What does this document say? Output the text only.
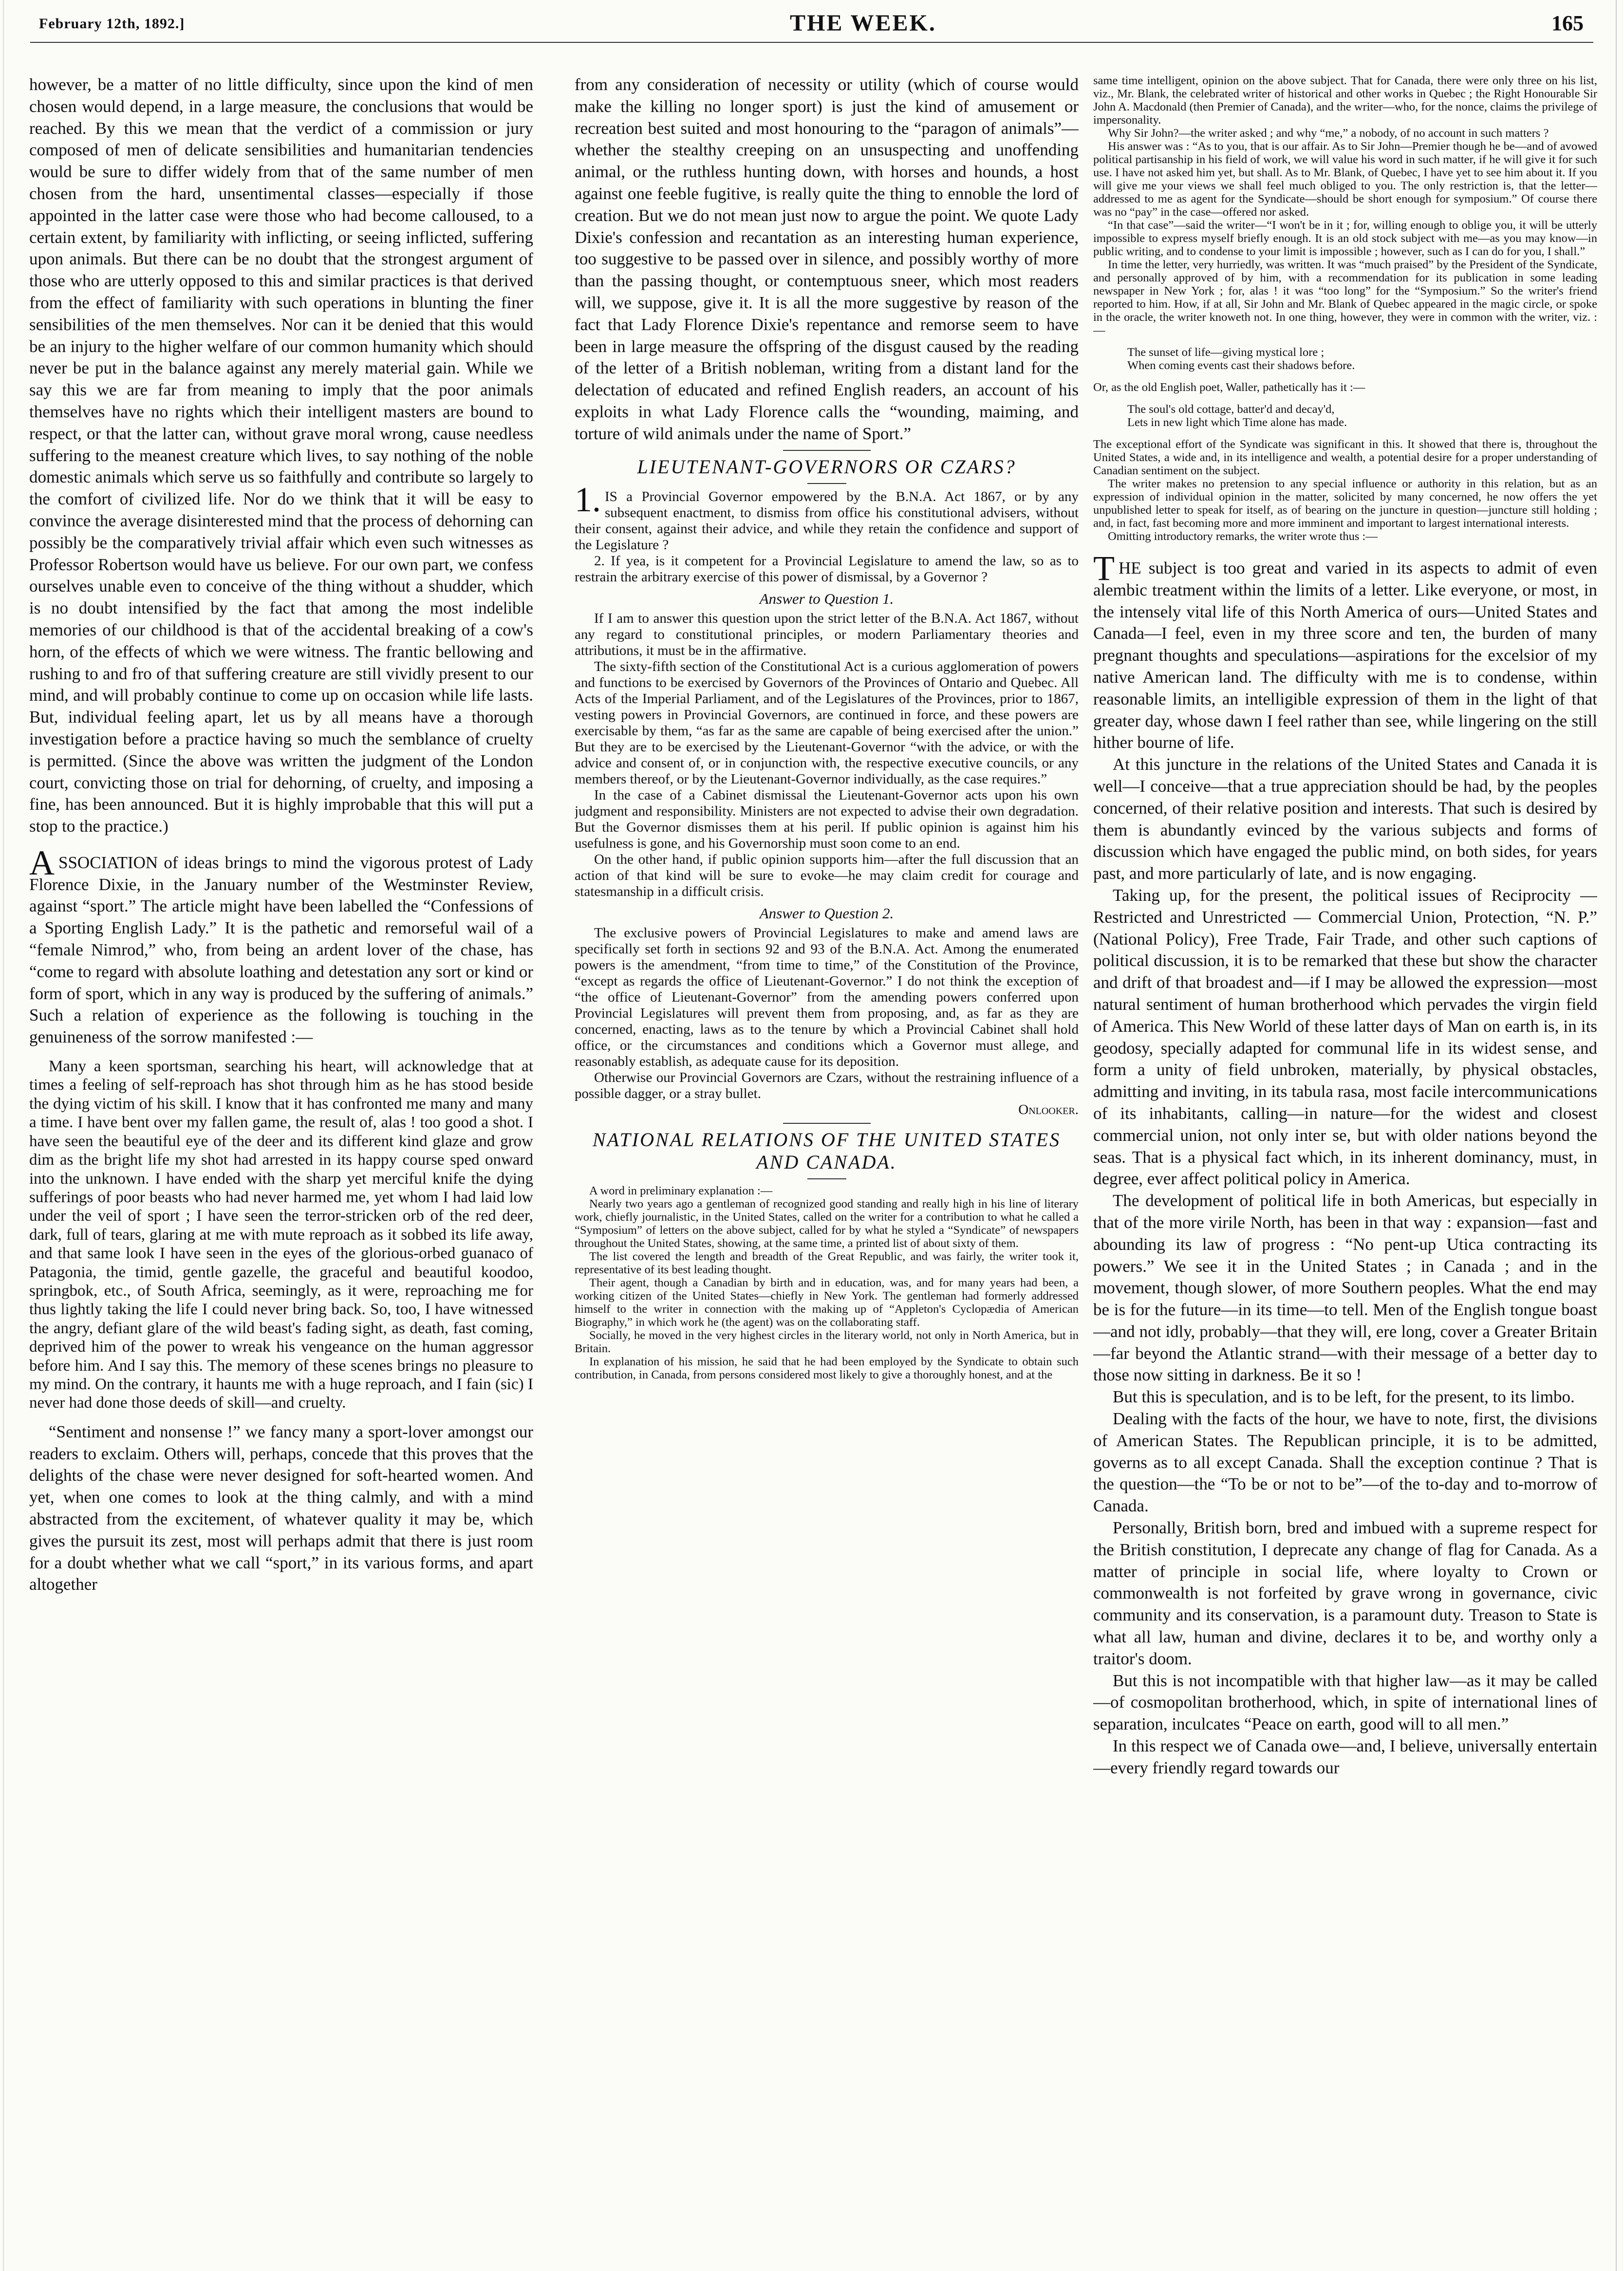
February 12th, 1892.]	THE WEEK.	165

however, be a matter of no little difficulty, since upon the kind of men chosen would depend, in a large measure, the conclusions that would be reached. By this we mean that the verdict of a commission or jury composed of men of delicate sensibilities and humanitarian tendencies would be sure to differ widely from that of the same number of men chosen from the hard, unsentimental classes—especially if those appointed in the latter case were those who had become calloused, to a certain extent, by familiarity with inflicting, or seeing inflicted, suffering upon animals. But there can be no doubt that the strongest argument of those who are utterly opposed to this and similar practices is that derived from the effect of familiarity with such operations in blunting the finer sensibilities of the men themselves. Nor can it be denied that this would be an injury to the higher welfare of our common humanity which should never be put in the balance against any merely material gain. While we say this we are far from meaning to imply that the poor animals themselves have no rights which their intelligent masters are bound to respect, or that the latter can, without grave moral wrong, cause needless suffering to the meanest creature which lives, to say nothing of the noble domestic animals which serve us so faithfully and contribute so largely to the comfort of civilized life. Nor do we think that it will be easy to convince the average disinterested mind that the process of dehorning can possibly be the comparatively trivial affair which even such witnesses as Professor Robertson would have us believe. For our own part, we confess ourselves unable even to conceive of the thing without a shudder, which is no doubt intensified by the fact that among the most indelible memories of our childhood is that of the accidental breaking of a cow's horn, of the effects of which we were witness. The frantic bellowing and rushing to and fro of that suffering creature are still vividly present to our mind, and will probably continue to come up on occasion while life lasts. But, individual feeling apart, let us by all means have a thorough investigation before a practice having so much the semblance of cruelty is permitted. (Since the above was written the judgment of the London court, convicting those on trial for dehorning, of cruelty, and imposing a fine, has been announced. But it is highly improbable that this will put a stop to the practice.)

ASSOCIATION of ideas brings to mind the vigorous protest of Lady Florence Dixie, in the January number of the Westminster Review, against “sport.” The article might have been labelled the “Confessions of a Sporting English Lady.” It is the pathetic and remorseful wail of a “female Nimrod,” who, from being an ardent lover of the chase, has “come to regard with absolute loathing and detestation any sort or kind or form of sport, which in any way is produced by the suffering of animals.” Such a relation of experience as the following is touching in the genuineness of the sorrow manifested :—

Many a keen sportsman, searching his heart, will acknowledge that at times a feeling of self-reproach has shot through him as he has stood beside the dying victim of his skill. I know that it has confronted me many and many a time. I have bent over my fallen game, the result of, alas ! too good a shot. I have seen the beautiful eye of the deer and its different kind glaze and grow dim as the bright life my shot had arrested in its happy course sped onward into the unknown. I have ended with the sharp yet merciful knife the dying sufferings of poor beasts who had never harmed me, yet whom I had laid low under the veil of sport ; I have seen the terror-stricken orb of the red deer, dark, full of tears, glaring at me with mute reproach as it sobbed its life away, and that same look I have seen in the eyes of the glorious-orbed guanaco of Patagonia, the timid, gentle gazelle, the graceful and beautiful koodoo, springbok, etc., of South Africa, seemingly, as it were, reproaching me for thus lightly taking the life I could never bring back. So, too, I have witnessed the angry, defiant glare of the wild beast's fading sight, as death, fast coming, deprived him of the power to wreak his vengeance on the human aggressor before him. And I say this. The memory of these scenes brings no pleasure to my mind. On the contrary, it haunts me with a huge reproach, and I fain (sic) I never had done those deeds of skill—and cruelty.

“Sentiment and nonsense !” we fancy many a sport-lover amongst our readers to exclaim. Others will, perhaps, concede that this proves that the delights of the chase were never designed for soft-hearted women. And yet, when one comes to look at the thing calmly, and with a mind abstracted from the excitement, of whatever quality it may be, which gives the pursuit its zest, most will perhaps admit that there is just room for a doubt whether what we call “sport,” in its various forms, and apart altogether

from any consideration of necessity or utility (which of course would make the killing no longer sport) is just the kind of amusement or recreation best suited and most honouring to the “paragon of animals”—whether the stealthy creeping on an unsuspecting and unoffending animal, or the ruthless hunting down, with horses and hounds, a host against one feeble fugitive, is really quite the thing to ennoble the lord of creation. But we do not mean just now to argue the point. We quote Lady Dixie's confession and recantation as an interesting human experience, too suggestive to be passed over in silence, and possibly worthy of more than the passing thought, or contemptuous sneer, which most readers will, we suppose, give it. It is all the more suggestive by reason of the fact that Lady Florence Dixie's repentance and remorse seem to have been in large measure the offspring of the disgust caused by the reading of the letter of a British nobleman, writing from a distant land for the delectation of educated and refined English readers, an account of his exploits in what Lady Florence calls the “wounding, maiming, and torture of wild animals under the name of Sport.”

LIEUTENANT-GOVERNORS OR CZARS?

1.IS a Provincial Governor empowered by the B.N.A. Act 1867, or by any subsequent enactment, to dismiss from office his constitutional advisers, without their consent, against their advice, and while they retain the confidence and support of the Legislature ?

2. If yea, is it competent for a Provincial Legislature to amend the law, so as to restrain the arbitrary exercise of this power of dismissal, by a Governor ?

Answer to Question 1.

If I am to answer this question upon the strict letter of the B.N.A. Act 1867, without any regard to constitutional principles, or modern Parliamentary theories and attributions, it must be in the affirmative.

The sixty-fifth section of the Constitutional Act is a curious agglomeration of powers and functions to be exercised by Governors of the Provinces of Ontario and Quebec. All Acts of the Imperial Parliament, and of the Legislatures of the Provinces, prior to 1867, vesting powers in Provincial Governors, are continued in force, and these powers are exercisable by them, “as far as the same are capable of being exercised after the union.” But they are to be exercised by the Lieutenant-Governor “with the advice, or with the advice and consent of, or in conjunction with, the respective executive councils, or any members thereof, or by the Lieutenant-Governor individually, as the case requires.”

In the case of a Cabinet dismissal the Lieutenant-Governor acts upon his own judgment and responsibility. Ministers are not expected to advise their own degradation. But the Governor dismisses them at his peril. If public opinion is against him his usefulness is gone, and his Governorship must soon come to an end.

On the other hand, if public opinion supports him—after the full discussion that an action of that kind will be sure to evoke—he may claim credit for courage and statesmanship in a difficult crisis.

Answer to Question 2.

The exclusive powers of Provincial Legislatures to make and amend laws are specifically set forth in sections 92 and 93 of the B.N.A. Act. Among the enumerated powers is the amendment, “from time to time,” of the Constitution of the Province, “except as regards the office of Lieutenant-Governor.” I do not think the exception of “the office of Lieutenant-Governor” from the amending powers conferred upon Provincial Legislatures will prevent them from proposing, and, as far as they are concerned, enacting, laws as to the tenure by which a Provincial Cabinet shall hold office, or the circumstances and conditions which a Governor must allege, and reasonably establish, as adequate cause for its deposition.

Otherwise our Provincial Governors are Czars, without the restraining influence of a possible dagger, or a stray bullet.

Onlooker.

NATIONAL RELATIONS OF THE UNITED STATES AND CANADA.

A word in preliminary explanation :—

Nearly two years ago a gentleman of recognized good standing and really high in his line of literary work, chiefly journalistic, in the United States, called on the writer for a contribution to what he called a “Symposium” of letters on the above subject, called for by what he styled a “Syndicate” of newspapers throughout the United States, showing, at the same time, a printed list of about sixty of them.

The list covered the length and breadth of the Great Republic, and was fairly, the writer took it, representative of its best leading thought.

Their agent, though a Canadian by birth and in education, was, and for many years had been, a working citizen of the United States—chiefly in New York. The gentleman had formerly addressed himself to the writer in connection with the making up of “Appleton's Cyclopædia of American Biography,” in which work he (the agent) was on the collaborating staff.

Socially, he moved in the very highest circles in the literary world, not only in North America, but in Britain.

In explanation of his mission, he said that he had been employed by the Syndicate to obtain such contribution, in Canada, from persons considered most likely to give a thoroughly honest, and at the

same time intelligent, opinion on the above subject. That for Canada, there were only three on his list, viz., Mr. Blank, the celebrated writer of historical and other works in Quebec ; the Right Honourable Sir John A. Macdonald (then Premier of Canada), and the writer—who, for the nonce, claims the privilege of impersonality.

Why Sir John?—the writer asked ; and why “me,” a nobody, of no account in such matters ?

His answer was : “As to you, that is our affair. As to Sir John—Premier though he be—and of avowed political partisanship in his field of work, we will value his word in such matter, if he will give it for such use. I have not asked him yet, but shall. As to Mr. Blank, of Quebec, I have yet to see him about it. If you will give me your views we shall feel much obliged to you. The only restriction is, that the letter—addressed to me as agent for the Syndicate—should be short enough for symposium.” Of course there was no “pay” in the case—offered nor asked.

“In that case”—said the writer—“I won't be in it ; for, willing enough to oblige you, it will be utterly impossible to express myself briefly enough. It is an old stock subject with me—as you may know—in public writing, and to condense to your limit is impossible ; however, such as I can do for you, I shall.”

In time the letter, very hurriedly, was written. It was “much praised” by the President of the Syndicate, and personally approved of by him, with a recommendation for its publication in some leading newspaper in New York ; for, alas ! it was “too long” for the “Symposium.” So the writer's friend reported to him. How, if at all, Sir John and Mr. Blank of Quebec appeared in the magic circle, or spoke in the oracle, the writer knoweth not. In one thing, however, they were in common with the writer, viz. :—

The sunset of life—giving mystical lore ;

When coming events cast their shadows before.

Or, as the old English poet, Waller, pathetically has it :—

The soul's old cottage, batter'd and decay'd,

Lets in new light which Time alone has made.

The exceptional effort of the Syndicate was significant in this. It showed that there is, throughout the United States, a wide and, in its intelligence and wealth, a potential desire for a proper understanding of Canadian sentiment on the subject.

The writer makes no pretension to any special influence or authority in this relation, but as an expression of individual opinion in the matter, solicited by many concerned, he now offers the yet unpublished letter to speak for itself, as of bearing on the juncture in question—juncture still holding ; and, in fact, fast becoming more and more imminent and important to largest international interests.

Omitting introductory remarks, the writer wrote thus :—

THE subject is too great and varied in its aspects to admit of even alembic treatment within the limits of a letter. Like everyone, or most, in the intensely vital life of this North America of ours—United States and Canada—I feel, even in my three score and ten, the burden of many pregnant thoughts and speculations—aspirations for the excelsior of my native American land. The difficulty with me is to condense, within reasonable limits, an intelligible expression of them in the light of that greater day, whose dawn I feel rather than see, while lingering on the still hither bourne of life.

At this juncture in the relations of the United States and Canada it is well—I conceive—that a true appreciation should be had, by the peoples concerned, of their relative position and interests. That such is desired by them is abundantly evinced by the various subjects and forms of discussion which have engaged the public mind, on both sides, for years past, and more particularly of late, and is now engaging.

Taking up, for the present, the political issues of Reciprocity — Restricted and Unrestricted — Commercial Union, Protection, “N. P.” (National Policy), Free Trade, Fair Trade, and other such captions of political discussion, it is to be remarked that these but show the character and drift of that broadest and—if I may be allowed the expression—most natural sentiment of human brotherhood which pervades the virgin field of America. This New World of these latter days of Man on earth is, in its geodosy, specially adapted for communal life in its widest sense, and form a unity of field unbroken, materially, by physical obstacles, admitting and inviting, in its tabula rasa, most facile intercommunications of its inhabitants, calling—in nature—for the widest and closest commercial union, not only inter se, but with older nations beyond the seas. That is a physical fact which, in its inherent dominancy, must, in degree, ever affect political policy in America.

The development of political life in both Americas, but especially in that of the more virile North, has been in that way : expansion—fast and abounding its law of progress : “No pent-up Utica contracting its powers.” We see it in the United States ; in Canada ; and in the movement, though slower, of more Southern peoples. What the end may be is for the future—in its time—to tell. Men of the English tongue boast—and not idly, probably—that they will, ere long, cover a Greater Britain—far beyond the Atlantic strand—with their message of a better day to those now sitting in darkness. Be it so !

But this is speculation, and is to be left, for the present, to its limbo.

Dealing with the facts of the hour, we have to note, first, the divisions of American States. The Republican principle, it is to be admitted, governs as to all except Canada. Shall the exception continue ? That is the question—the “To be or not to be”—of the to-day and to-morrow of Canada.

Personally, British born, bred and imbued with a supreme respect for the British constitution, I deprecate any change of flag for Canada. As a matter of principle in social life, where loyalty to Crown or commonwealth is not forfeited by grave wrong in governance, civic community and its conservation, is a paramount duty. Treason to State is what all law, human and divine, declares it to be, and worthy only a traitor's doom.

But this is not incompatible with that higher law—as it may be called—of cosmopolitan brotherhood, which, in spite of international lines of separation, inculcates “Peace on earth, good will to all men.”

In this respect we of Canada owe—and, I believe, universally entertain—every friendly regard towards our
